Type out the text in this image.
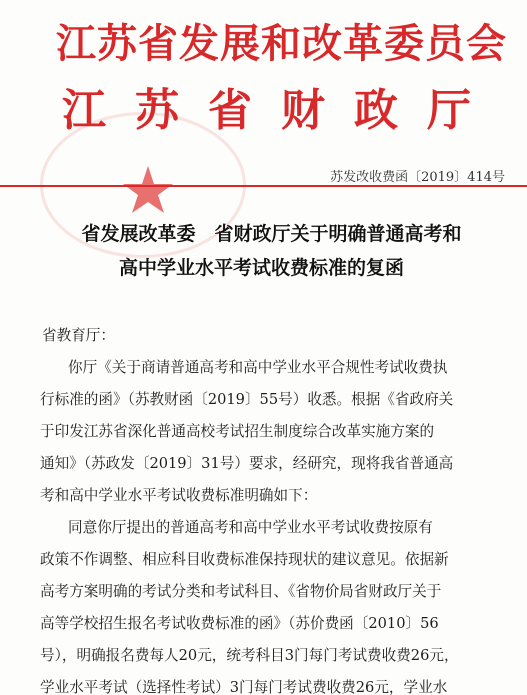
江苏省发展和改革委员会
江苏省财政厅
苏发改收费函〔2019〕414号
省发展改革委　省财政厅关于明确普通高考和
高中学业水平考试收费标准的复函
省教育厅：
你厅《关于商请普通高考和高中学业水平合规性考试收费执
行标准的函》（苏教财函〔2019〕55号）收悉。根据《省政府关
于印发江苏省深化普通高校考试招生制度综合改革实施方案的
通知》（苏政发〔2019〕31号）要求，经研究，现将我省普通高
考和高中学业水平考试收费标准明确如下：
同意你厅提出的普通高考和高中学业水平考试收费按原有
政策不作调整、相应科目收费标准保持现状的建议意见。依据新
高考方案明确的考试分类和考试科目、《省物价局省财政厅关于
高等学校招生报名考试收费标准的函》（苏价费函〔2010〕56
号），明确报名费每人20元，统考科目3门每门考试费收费26元，
学业水平考试（选择性考试）3门每门考试费收费26元，学业水
